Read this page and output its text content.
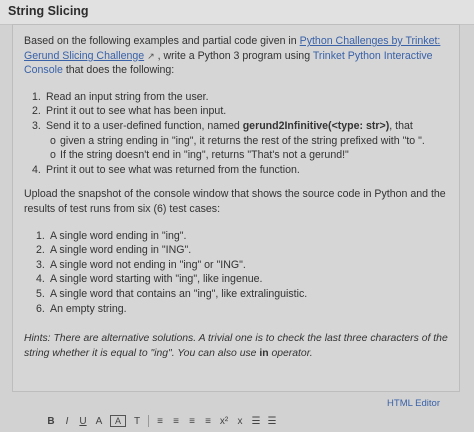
String Slicing

Based on the following examples and partial code given in Python Challenges by Trinket: Gerund Slicing Challenge ↗ , write a Python 3 program using Trinket Python Interactive Console that does the following:

1. Read an input string from the user.
2. Print it out to see what has been input.
3. Send it to a user-defined function, named gerund2Infinitive(<type: str>), that
o given a string ending in "ing", it returns the rest of the string prefixed with "to ".
o If the string doesn't end in "ing", returns "That's not a gerund!"
4. Print it out to see what was returned from the function.

Upload the snapshot of the console window that shows the source code in Python and the results of test runs from six (6) test cases:

1. A single word ending in "ing".
2. A single word ending in "ING".
3. A single word not ending in "ing" or "ING".
4. A single word starting with "ing", like ingenue.
5. A single word that contains an "ing", like extralinguistic.
6. An empty string.

Hints: There are alternative solutions. A trivial one is to check the last three characters of the string whether it is equal to "ing". You can also use in operator.

HTML Editor
B	I	U A	A	T ≡ ≡ ≡ ≡ x² x ☰ ☰
